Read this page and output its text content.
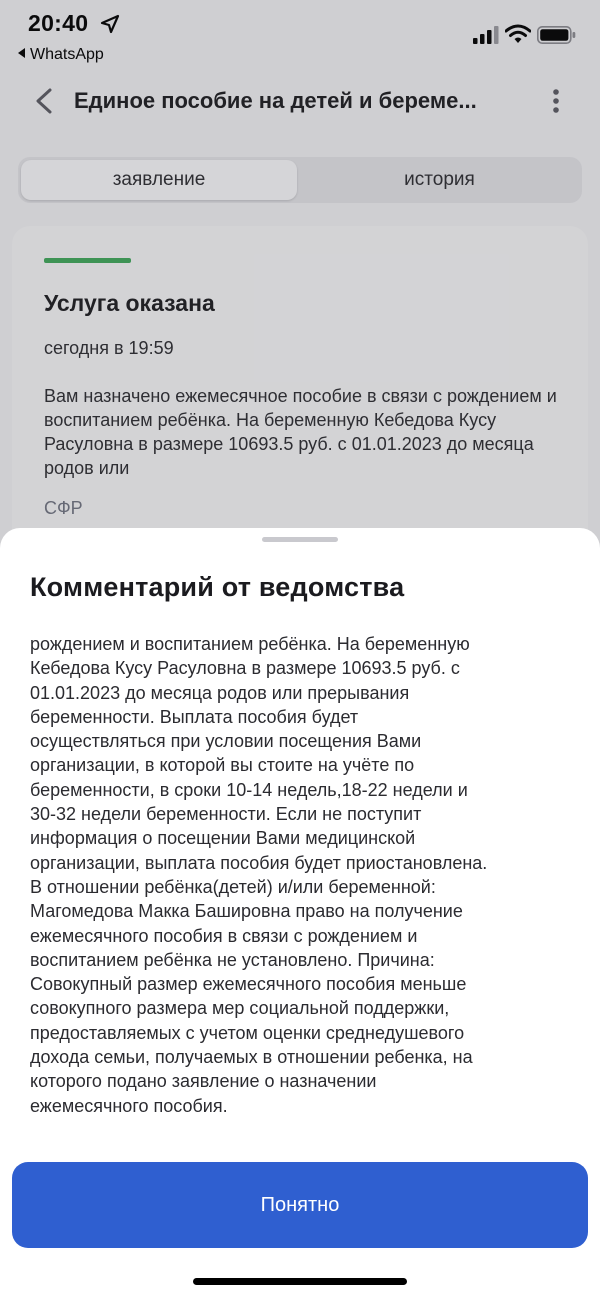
20:40
WhatsApp
Единое пособие на детей и береме...
заявление	история
Услуга оказана
сегодня в 19:59
Вам назначено ежемесячное пособие в связи с рождением и воспитанием ребёнка. На беременную Кебедова Кусу Расуловна в размере 10693.5 руб. с 01.01.2023 до месяца родов или
СФР
Комментарий от ведомства
рождением и воспитанием ребёнка. На беременную
Кебедова Кусу Расуловна в размере 10693.5 руб. с
01.01.2023 до месяца родов или прерывания
беременности. Выплата пособия будет
осуществляться при условии посещения Вами
организации, в которой вы стоите на учёте по
беременности, в сроки 10-14 недель,18-22 недели и
30-32 недели беременности. Если не поступит
информация о посещении Вами медицинской
организации, выплата пособия будет приостановлена.
В отношении ребёнка(детей) и/или беременной:
Магомедова Макка Башировна право на получение
ежемесячного пособия в связи с рождением и
воспитанием ребёнка не установлено. Причина:
Совокупный размер ежемесячного пособия меньше
совокупного размера мер социальной поддержки,
предоставляемых с учетом оценки среднедушевого
дохода семьи, получаемых в отношении ребенка, на
которого подано заявление о назначении
ежемесячного пособия.
Понятно
